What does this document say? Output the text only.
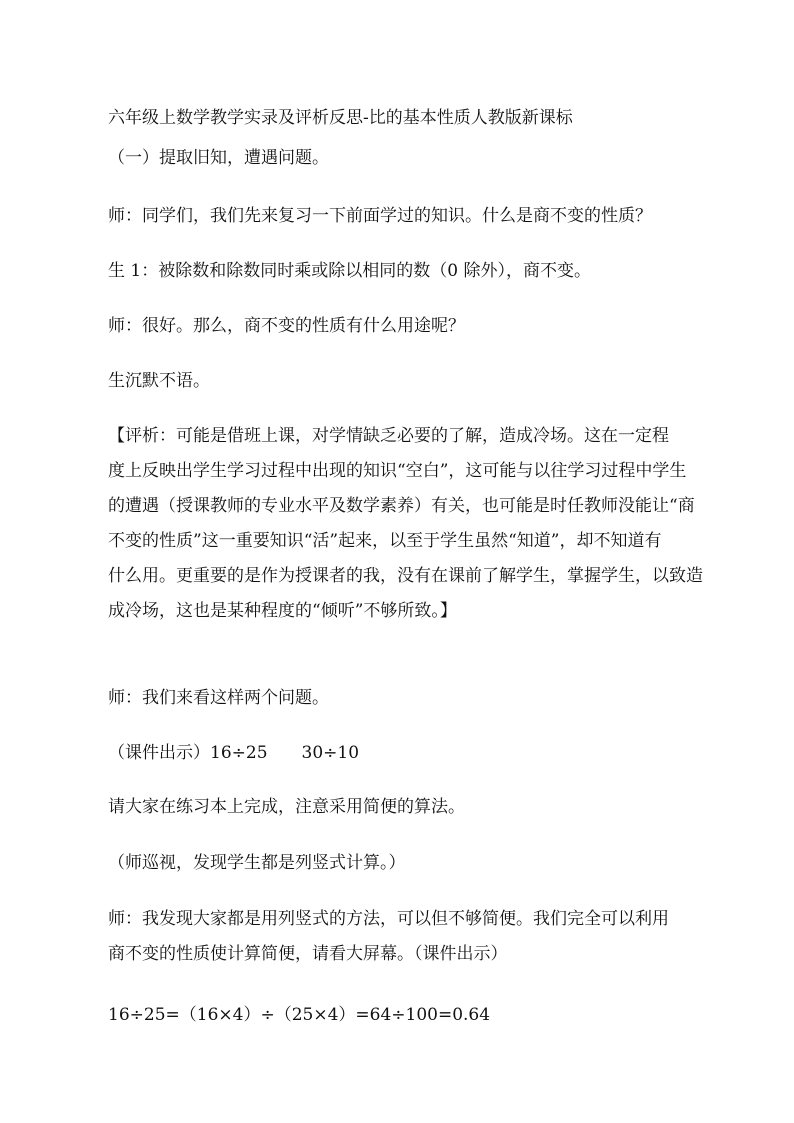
六年级上数学教学实录及评析反思-比的基本性质人教版新课标
（一）提取旧知，遭遇问题。
师：同学们，我们先来复习一下前面学过的知识。什么是商不变的性质？
生 1：被除数和除数同时乘或除以相同的数（0 除外），商不变。
师：很好。那么，商不变的性质有什么用途呢？
生沉默不语。
【评析：可能是借班上课，对学情缺乏必要的了解，造成冷场。这在一定程
度上反映出学生学习过程中出现的知识“空白”，这可能与以往学习过程中学生
的遭遇（授课教师的专业水平及数学素养）有关，也可能是时任教师没能让“商
不变的性质”这一重要知识“活”起来，以至于学生虽然“知道”，却不知道有
什么用。更重要的是作为授课者的我，没有在课前了解学生，掌握学生，以致造
成冷场，这也是某种程度的“倾听”不够所致。】
师：我们来看这样两个问题。
（课件出示）16÷25　　30÷10
请大家在练习本上完成，注意采用简便的算法。
（师巡视，发现学生都是列竖式计算。）
师：我发现大家都是用列竖式的方法，可以但不够简便。我们完全可以利用
商不变的性质使计算简便，请看大屏幕。（课件出示）
16÷25=（16×4）÷（25×4）=64÷100=0.64
